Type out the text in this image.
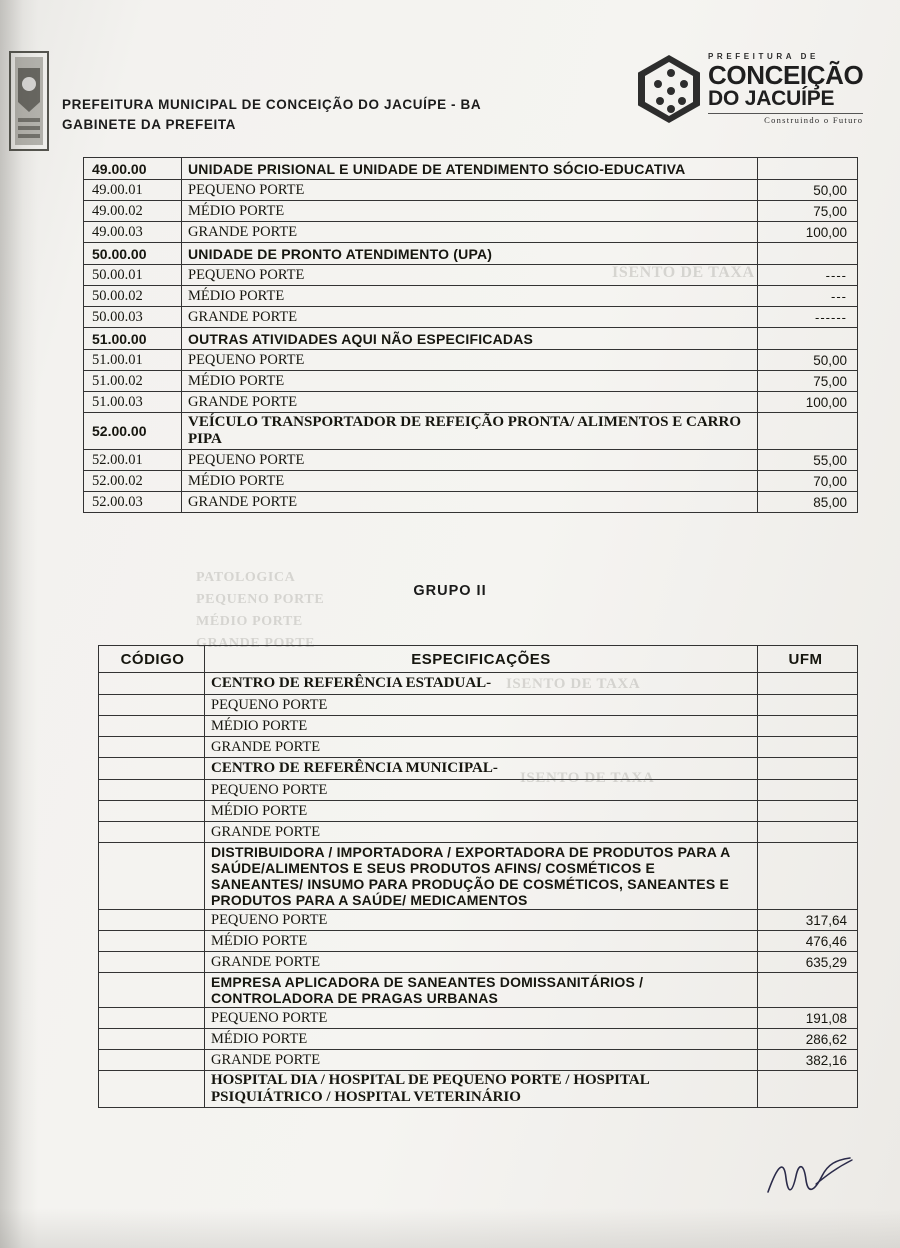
PREFEITURA MUNICIPAL DE CONCEIÇÃO DO JACUÍPE - BA
GABINETE DA PREFEITA
PREFEITURA DE
CONCEIÇÃO
DO JACUÍPE
Construindo o Futuro
ISENTO DE TAXA
ISENTO DE TAXA
ISENTO DE TAXA
PATOLOGICA
PEQUENO PORTE
MÉDIO PORTE
GRANDE PORTE
49.00.00	UNIDADE PRISIONAL E UNIDADE DE ATENDIMENTO SÓCIO-EDUCATIVA	
49.00.01	PEQUENO PORTE	50,00
49.00.02	MÉDIO PORTE	75,00
49.00.03	GRANDE PORTE	100,00
50.00.00	UNIDADE DE PRONTO ATENDIMENTO (UPA)	
50.00.01	PEQUENO PORTE	----
50.00.02	MÉDIO PORTE	---
50.00.03	GRANDE PORTE	------
51.00.00	OUTRAS ATIVIDADES AQUI NÃO ESPECIFICADAS	
51.00.01	PEQUENO PORTE	50,00
51.00.02	MÉDIO PORTE	75,00
51.00.03	GRANDE PORTE	100,00
52.00.00	VEÍCULO TRANSPORTADOR DE REFEIÇÃO PRONTA/ ALIMENTOS E CARRO PIPA	
52.00.01	PEQUENO PORTE	55,00
52.00.02	MÉDIO PORTE	70,00
52.00.03	GRANDE PORTE	85,00
GRUPO II
CÓDIGO	ESPECIFICAÇÕES	UFM
	CENTRO DE REFERÊNCIA ESTADUAL-	
	PEQUENO PORTE	
	MÉDIO PORTE	
	GRANDE PORTE	
	CENTRO DE REFERÊNCIA MUNICIPAL-	
	PEQUENO PORTE	
	MÉDIO PORTE	
	GRANDE PORTE	
	DISTRIBUIDORA / IMPORTADORA / EXPORTADORA DE PRODUTOS PARA A SAÚDE/ALIMENTOS E SEUS PRODUTOS AFINS/ COSMÉTICOS E SANEANTES/ INSUMO PARA PRODUÇÃO DE COSMÉTICOS, SANEANTES E PRODUTOS PARA A SAÚDE/ MEDICAMENTOS	
	PEQUENO PORTE	317,64
	MÉDIO PORTE	476,46
	GRANDE PORTE	635,29
	EMPRESA APLICADORA DE SANEANTES DOMISSANITÁRIOS / CONTROLADORA DE PRAGAS URBANAS	
	PEQUENO PORTE	191,08
	MÉDIO PORTE	286,62
	GRANDE PORTE	382,16
	HOSPITAL DIA / HOSPITAL DE PEQUENO PORTE / HOSPITAL PSIQUIÁTRICO / HOSPITAL VETERINÁRIO	
